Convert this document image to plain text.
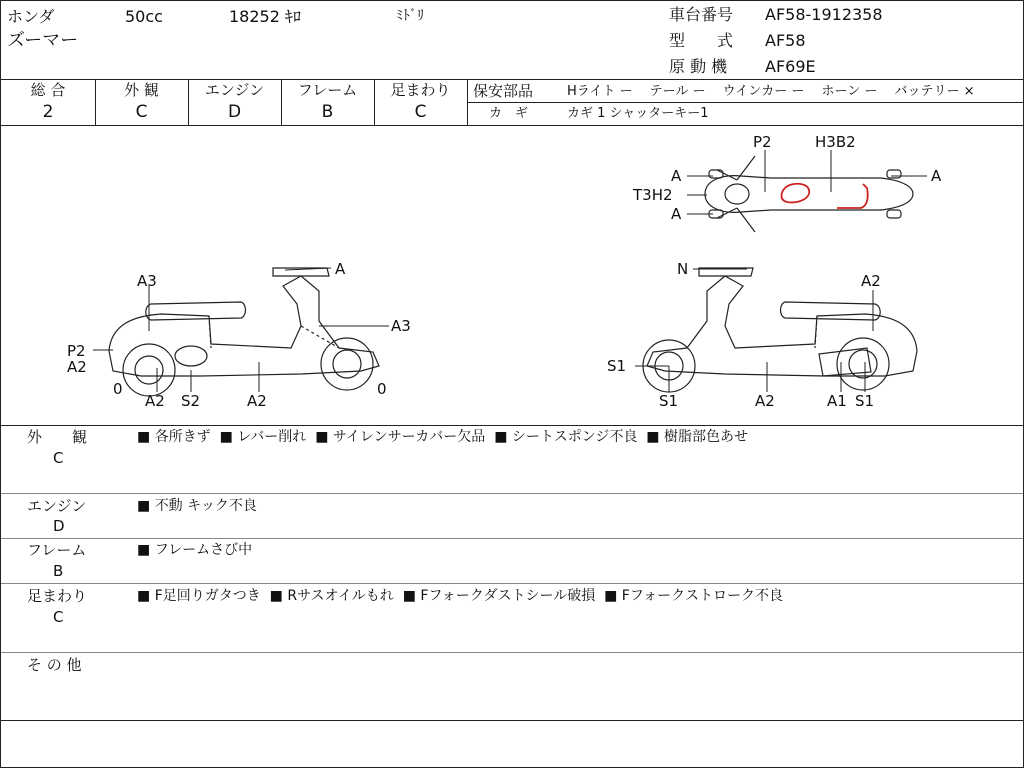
ホンダ	50cc	18252 ｷﾛ	ﾐﾄﾞﾘ
ズーマー
車台番号 AF58-1912358
型　　式 AF58
原 動 機 AF69E
総 合
2
外 観
C
エンジン
D
フレーム
B
足まわり
C
保安部品	Hライト ー　 テール ー　 ウインカー ー　 ホーン ー　 バッテリー ×
カ　ギ	カギ 1 シャッターキー1
A
A3
A3
P2
A2
0
A2 S2	A2
0
N
A2
S1
S1	A2	A1 S1
P2	H3B2
A
T3H2
A
A
外　　観
C
■ 各所きず  ■ レバー削れ  ■ サイレンサーカバー欠品  ■ シートスポンジ不良  ■ 樹脂部色あせ
エンジン
D
■ 不動 キック不良
フレーム
B
■ フレームさび中
足まわり
C
■ F足回りガタつき  ■ Rサスオイルもれ  ■ Fフォークダストシール破損  ■ Fフォークストローク不良
そ の 他
